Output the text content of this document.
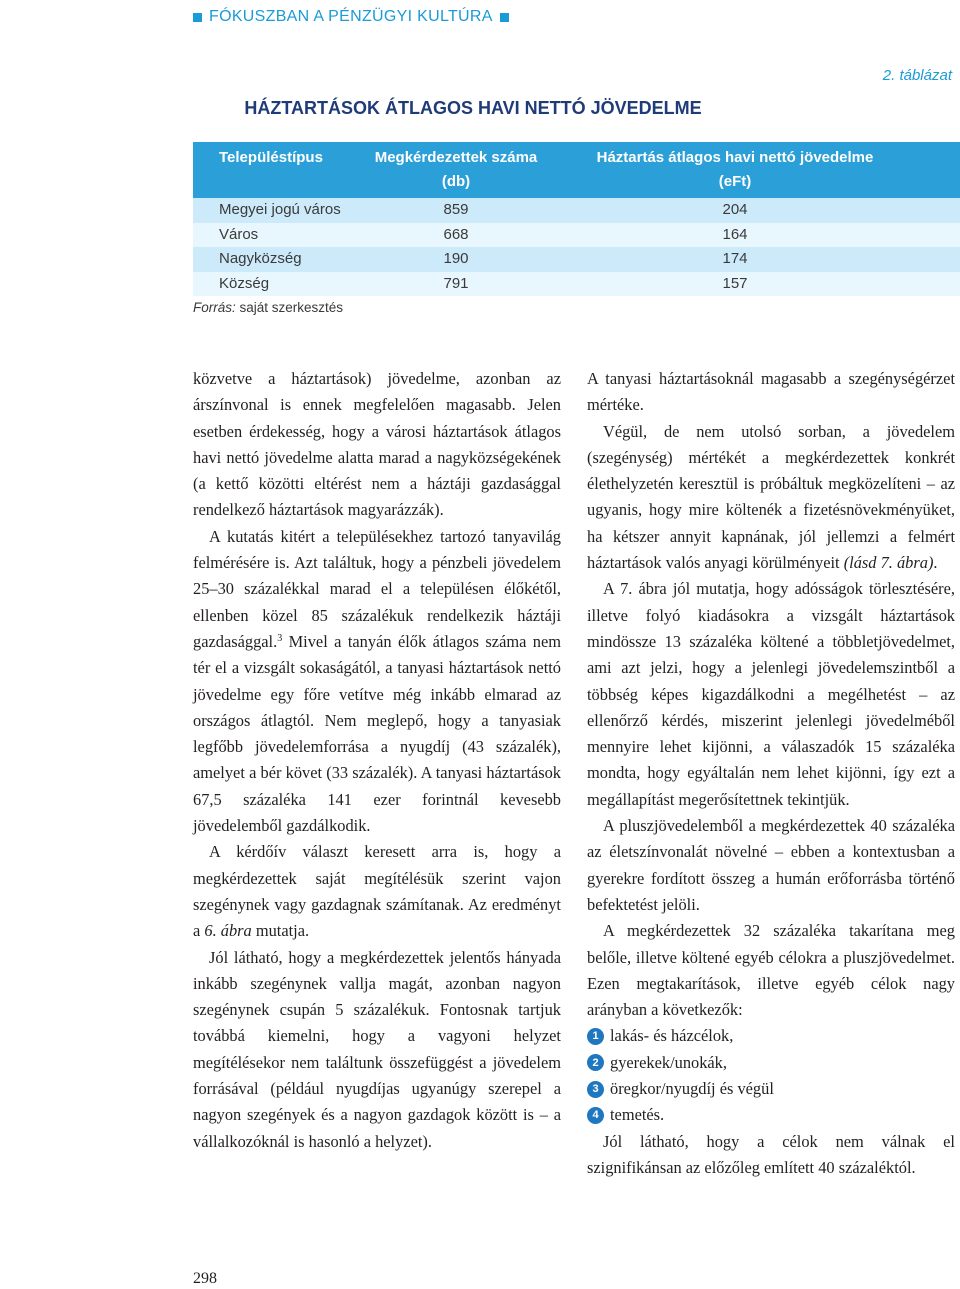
FÓKUSZBAN A PÉNZÜGYI KULTÚRA
2. táblázat
HÁZTARTÁSOK ÁTLAGOS HAVI NETTÓ JÖVEDELME
Településtípus	Megkérdezettek száma
(db)
Háztartás átlagos havi nettó jövedelme
(eFt)
Megyei jogú város	859	204
Város	668	164
Nagyközség	190	174
Község	791	157
Forrás: saját szerkesztés

közvetve a háztartások) jövedelme, azonban az árszínvonal is ennek megfelelően magasabb. Jelen esetben érdekesség, hogy a városi háztartások átlagos havi nettó jövedelme alatta marad a nagyközségekének (a kettő közötti eltérést nem a háztáji gazdasággal rendelkező háztartások magyarázzák).

A kutatás kitért a településekhez tartozó tanyavilág felmérésére is. Azt találtuk, hogy a pénzbeli jövedelem 25–30 százalékkal marad el a településen élőkétől, ellenben közel 85 százalékuk rendelkezik háztáji gazdasággal.$^3$ Mivel a tanyán élők átlagos száma nem tér el a vizsgált sokaságától, a tanyasi háztartások nettó jövedelme egy főre vetítve még inkább elmarad az országos átlagtól. Nem meglepő, hogy a tanyasiak legfőbb jövedelemforrása a nyugdíj (43 százalék), amelyet a bér követ (33 százalék). A tanyasi háztartások 67,5 százaléka 141 ezer forintnál kevesebb jövedelemből gazdálkodik.

A kérdőív választ keresett arra is, hogy a megkérdezettek saját megítélésük szerint vajon szegénynek vagy gazdagnak számítanak. Az eredményt a 6. ábra mutatja.

Jól látható, hogy a megkérdezettek jelentős hányada inkább szegénynek vallja magát, azonban nagyon szegénynek csupán 5 százalékuk. Fontosnak tartjuk továbbá kiemelni, hogy a vagyoni helyzet megítélésekor nem találtunk összefüggést a jövedelem forrásával (például nyugdíjas ugyanúgy szerepel a nagyon szegények és a nagyon gazdagok között is – a vállalkozóknál is hasonló a helyzet).

A tanyasi háztartásoknál magasabb a szegénységérzet mértéke.

Végül, de nem utolsó sorban, a jövedelem (szegénység) mértékét a megkérdezettek konkrét élethelyzetén keresztül is próbáltuk megközelíteni – az ugyanis, hogy mire költenék a fizetésnövekményüket, ha kétszer annyit kapnának, jól jellemzi a felmért háztartások valós anyagi körülményeit (lásd 7. ábra).

A 7. ábra jól mutatja, hogy adósságok törlesztésére, illetve folyó kiadásokra a vizsgált háztartások mindössze 13 százaléka költené a többletjövedelmet, ami azt jelzi, hogy a jelenlegi jövedelemszintből a többség képes kigazdálkodni a megélhetést – az ellenőrző kérdés, miszerint jelenlegi jövedelméből mennyire lehet kijönni, a válaszadók 15 százaléka mondta, hogy egyáltalán nem lehet kijönni, így ezt a megállapítást megerősítettnek tekintjük.

A pluszjövedelemből a megkérdezettek 40 százaléka az életszínvonalát növelné – ebben a kontextusban a gyerekre fordított összeg a humán erőforrásba történő befektetést jelöli.

A megkérdezettek 32 százaléka takarítana meg belőle, illetve költené egyéb célokra a pluszjövedelmet. Ezen megtakarítások, illetve egyéb célok nagy arányban a következők:

1 lakás- és házcélok,
2 gyerekek/unokák,
3 öregkor/nyugdíj és végül
4 temetés.

Jól látható, hogy a célok nem válnak el szignifikánsan az előzőleg említett 40 százaléktól.

298
